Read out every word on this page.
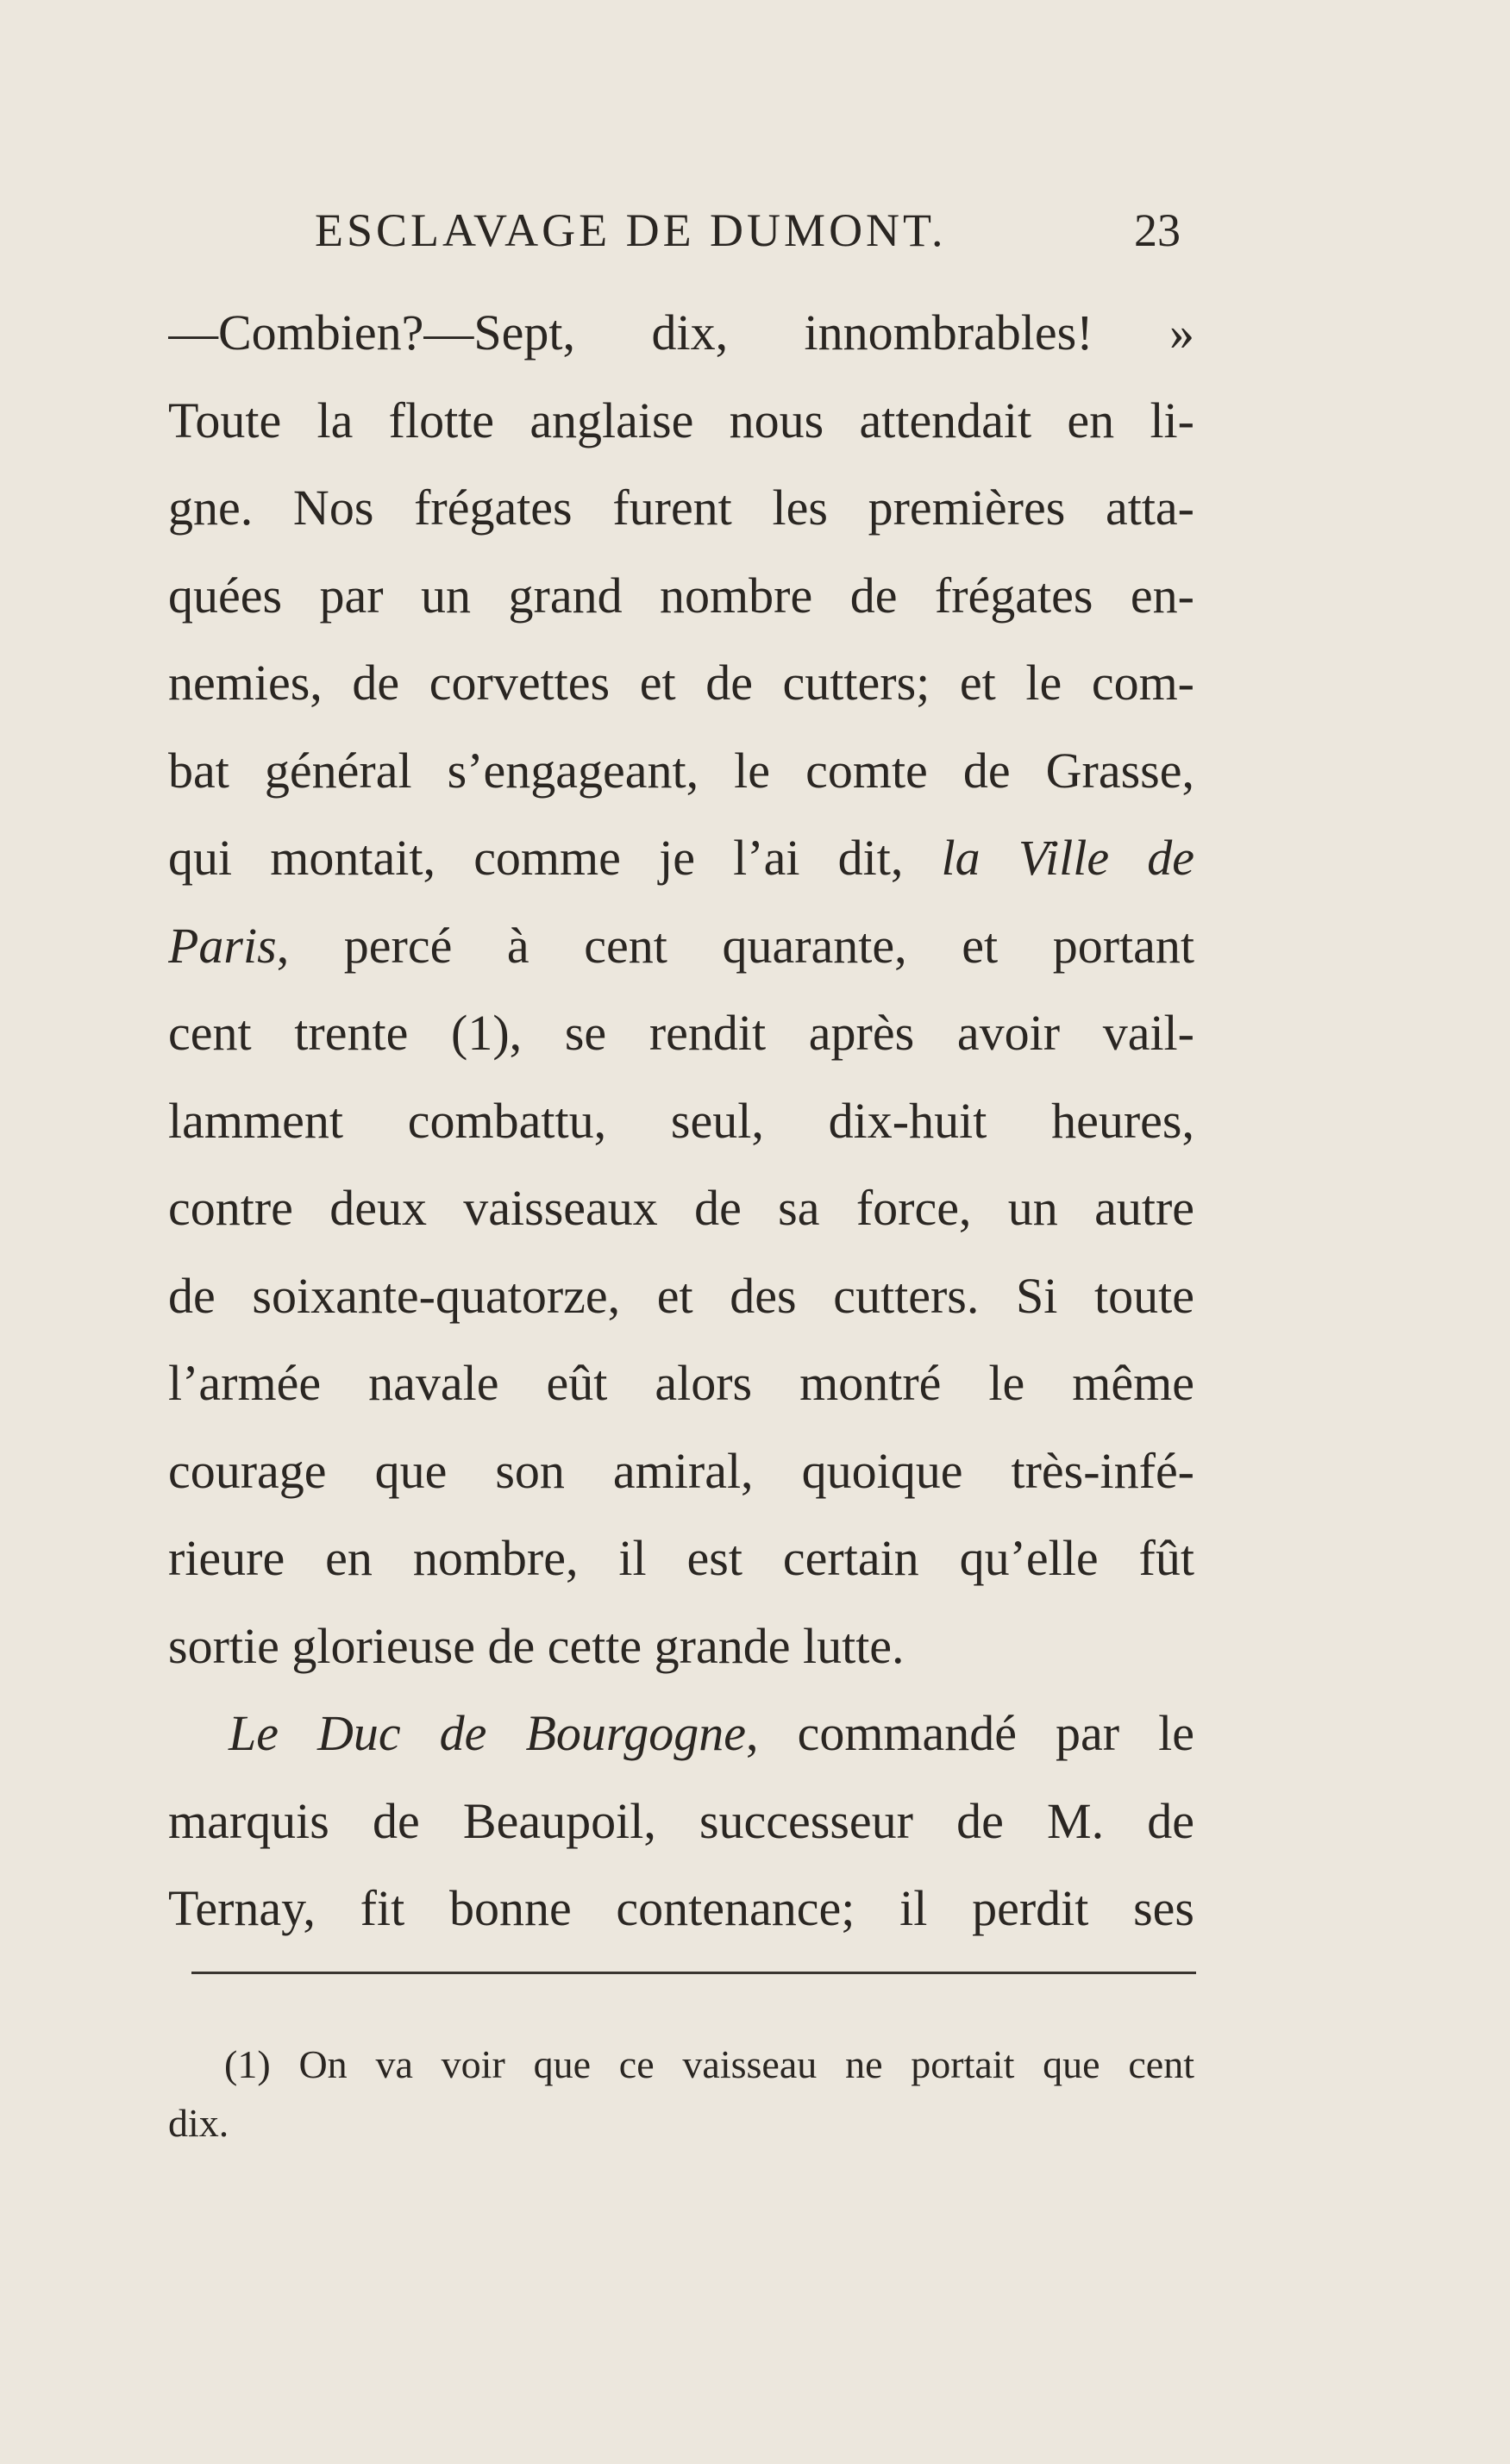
ESCLAVAGE DE DUMONT.	23
—Combien?—Sept, dix, innombrables! »
Toute la flotte anglaise nous attendait en li-
gne. Nos frégates furent les premières atta-
quées par un grand nombre de frégates en-
nemies, de corvettes et de cutters; et le com-
bat général s’engageant, le comte de Grasse,
qui montait, comme je l’ai dit, la Ville de
Paris, percé à cent quarante, et portant
cent trente (1), se rendit après avoir vail-
lamment combattu, seul, dix-huit heures,
contre deux vaisseaux de sa force, un autre
de soixante-quatorze, et des cutters. Si toute
l’armée navale eût alors montré le même
courage que son amiral, quoique très-infé-
rieure en nombre, il est certain qu’elle fût
sortie glorieuse de cette grande lutte.
Le Duc de Bourgogne, commandé par le
marquis de Beaupoil, successeur de M. de
Ternay, fit bonne contenance; il perdit ses
(1) On va voir que ce vaisseau ne portait que cent
dix.
